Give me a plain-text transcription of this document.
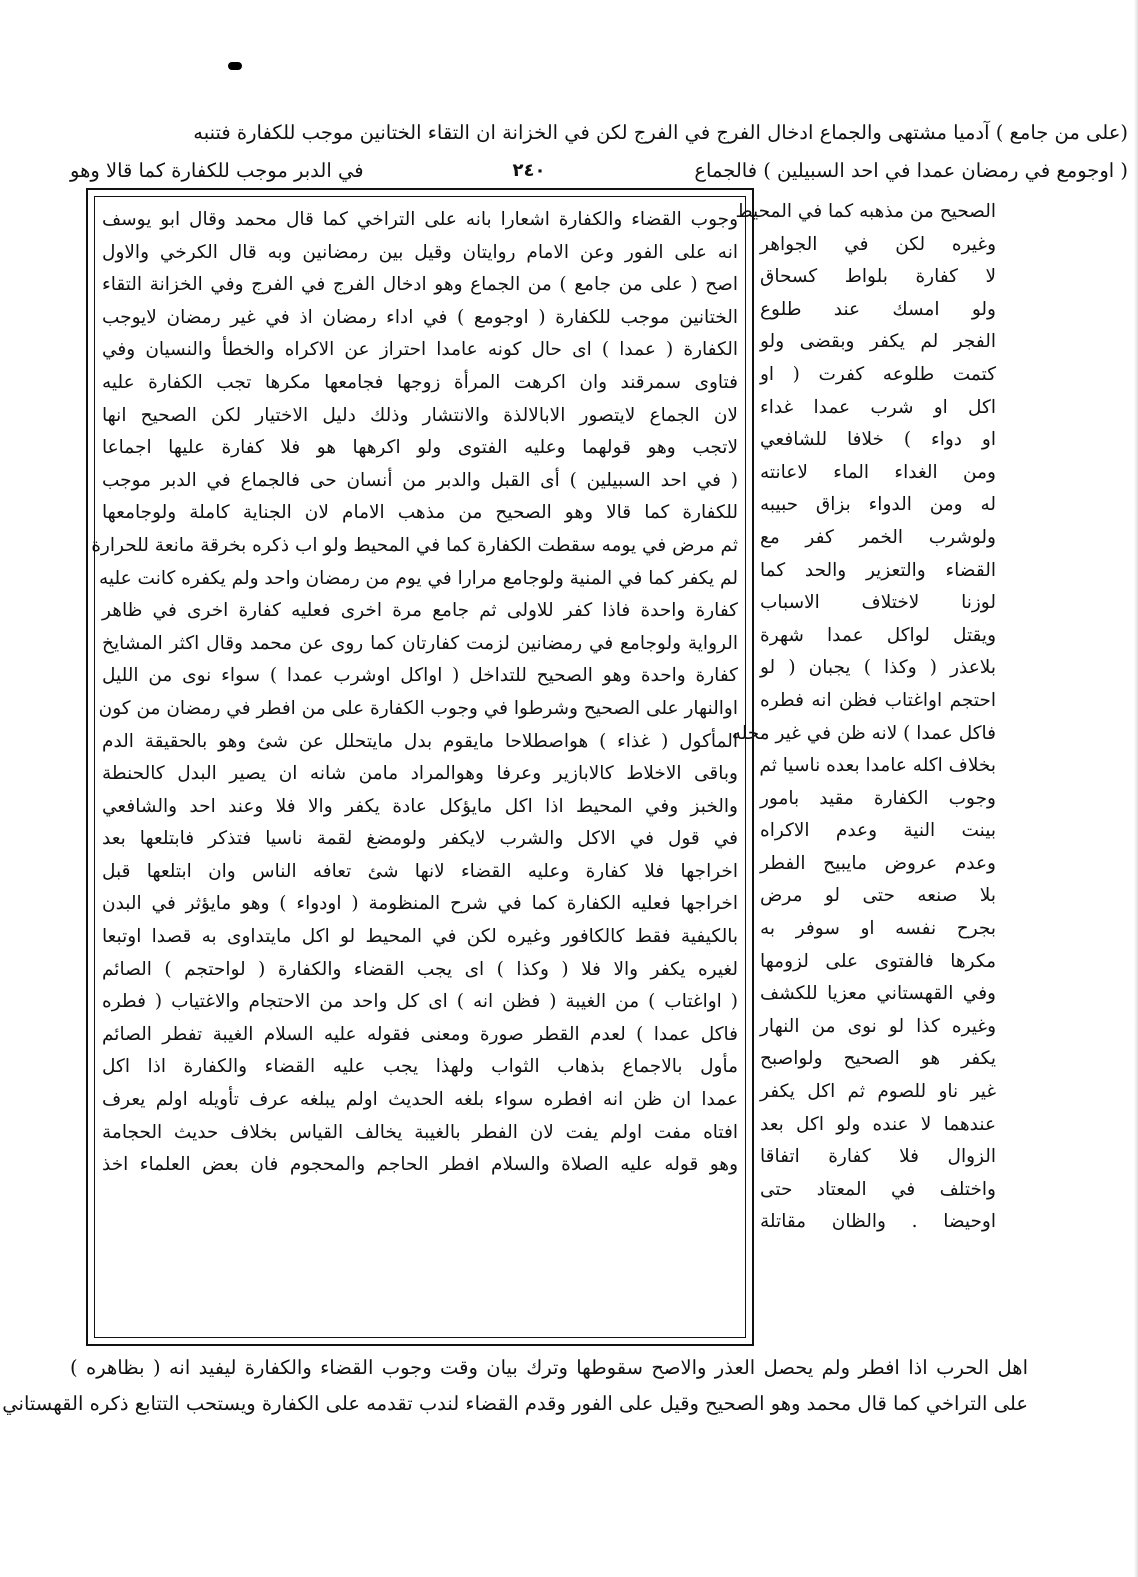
(على من جامع ) آدميا مشتهى والجماع ادخال الفرج في الفرج لكن في الخزانة ان التقاء الختانين موجب للكفارة فتنبه
( اوجومع في رمضان عمدا في احد السبيلين ) فالجماع
٢٤٠
في الدبر موجب للكفارة كما قالا وهو
وجوب القضاء والكفارة اشعارا بانه على التراخي كما قال محمد وقال ابو يوسف
انه على الفور وعن الامام روايتان وقيل بين رمضانين وبه قال الكرخي والاول
اصح ( على من جامع ) من الجماع وهو ادخال الفرج في الفرج وفي الخزانة التقاء
الختانين موجب للكفارة ( اوجومع ) في اداء رمضان اذ في غير رمضان لايوجب
الكفارة ( عمدا ) اى حال كونه عامدا احتراز عن الاكراه والخطأ والنسيان وفي
فتاوى سمرقند وان اكرهت المرأة زوجها فجامعها مكرها تجب الكفارة عليه
لان الجماع لايتصور الابالالذة والانتشار وذلك دليل الاختيار لكن الصحيح انها
لاتجب وهو قولهما وعليه الفتوى ولو اكرهها هو فلا كفارة عليها اجماعا
( في احد السبيلين ) أى القبل والدبر من أنسان حى فالجماع في الدبر موجب
للكفارة كما قالا وهو الصحيح من مذهب الامام لان الجناية كاملة ولوجامعها
ثم مرض في يومه سقطت الكفارة كما في المحيط ولو اب ذكره بخرقة مانعة للحرارة
لم يكفر كما في المنية ولوجامع مرارا في يوم من رمضان واحد ولم يكفره كانت عليه
كفارة واحدة فاذا كفر للاولى ثم جامع مرة اخرى فعليه كفارة اخرى في ظاهر
الرواية ولوجامع في رمضانين لزمت كفارتان كما روى عن محمد وقال اكثر المشايخ
كفارة واحدة وهو الصحيح للتداخل ( اواكل اوشرب عمدا ) سواء نوى من الليل
اوالنهار على الصحيح وشرطوا في وجوب الكفارة على من افطر في رمضان من كون
المأكول ( غذاء ) هواصطلاحا مايقوم بدل مايتحلل عن شئ وهو بالحقيقة الدم
وباقى الاخلاط كالابازير وعرفا وهوالمراد مامن شانه ان يصير البدل كالحنطة
والخبز وفي المحيط اذا اكل مايؤكل عادة يكفر والا فلا وعند احد والشافعي
في قول في الاكل والشرب لايكفر ولومضغ لقمة ناسيا فتذكر فابتلعها بعد
اخراجها فلا كفارة وعليه القضاء لانها شئ تعافه الناس وان ابتلعها قبل
اخراجها فعليه الكفارة كما في شرح المنظومة ( اودواء ) وهو مايؤثر في البدن
بالكيفية فقط كالكافور وغيره لكن في المحيط لو اكل مايتداوى به قصدا اوتبعا
لغيره يكفر والا فلا ( وكذا ) اى يجب القضاء والكفارة ( لواحتجم ) الصائم
( اواغتاب ) من الغيبة ( فظن انه ) اى كل واحد من الاحتجام والاغتياب ( فطره
فاكل عمدا ) لعدم القطر صورة ومعنى فقوله عليه السلام الغيبة تفطر الصائم
مأول بالاجماع بذهاب الثواب ولهذا يجب عليه القضاء والكفارة اذا اكل
عمدا ان ظن انه افطره سواء بلغه الحديث اولم يبلغه عرف تأويله اولم يعرف
افتاه مفت اولم يفت لان الفطر بالغيبة يخالف القياس بخلاف حديث الحجامة
وهو قوله عليه الصلاة والسلام افطر الحاجم والمحجوم فان بعض العلماء اخذ
الصحيح من مذهبه كما في المحيط
وغيره لكن في الجواهر
لا كفارة بلواط كسحاق
ولو امسك عند طلوع
الفجر لم يكفر وبقضى ولو
كتمت طلوعه كفرت ( او
اكل او شرب عمدا غداء
او دواء ) خلافا للشافعي
ومن الغداء الماء لاعانته
له ومن الدواء بزاق حبيبه
ولوشرب الخمر كفر مع
القضاء والتعزير والحد كما
لوزنا لاختلاف الاسباب
ويقتل لواكل عمدا شهرة
بلاعذر ( وكذا ) يجبان ( لو
احتجم اواغتاب فظن انه فطره
فاكل عمدا ) لانه ظن في غير محله
بخلاف اكله عامدا بعده ناسيا ثم
وجوب الكفارة مقيد بامور
بينت النية وعدم الاكراه
وعدم عروض مايبيح الفطر
بلا صنعه حتى لو مرض
بجرح نفسه او سوفر به
مكرها فالفتوى على لزومها
وفي القهستاني معزيا للكشف
وغيره كذا لو نوى من النهار
يكفر هو الصحيح ولواصبح
غير ناو للصوم ثم اكل يكفر
عندهما لا عنده ولو اكل بعد
الزوال فلا كفارة اتفاقا
واختلف في المعتاد حتى
اوحيضا . والظان مقاتلة
اهل الحرب اذا افطر ولم يحصل العذر والاصح سقوطها وترك بيان وقت وجوب القضاء والكفارة ليفيد انه ( بظاهره )
على التراخي كما قال محمد وهو الصحيح وقيل على الفور وقدم القضاء لندب تقدمه على الكفارة ويستحب التتابع ذكره القهستاني
